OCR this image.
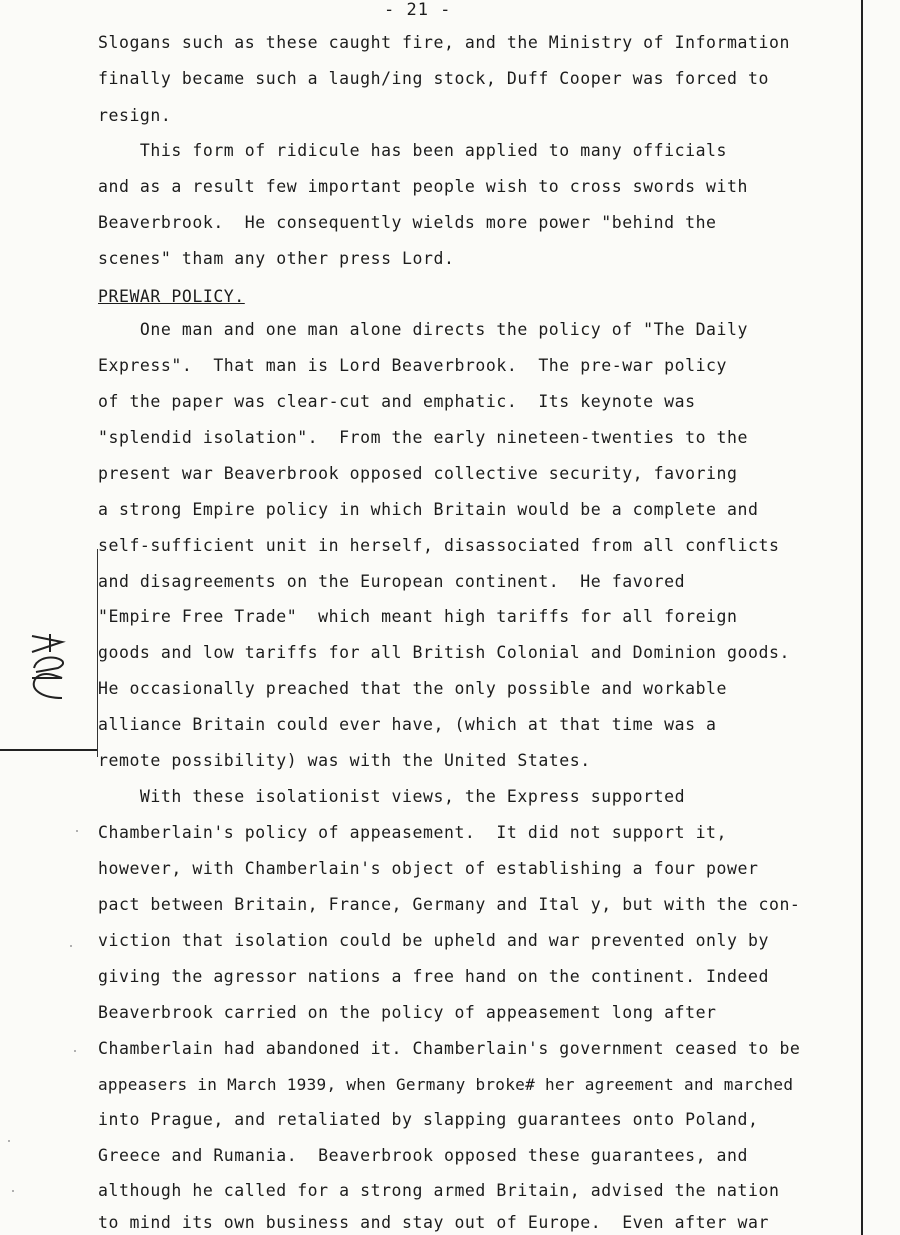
- 21 -
Slogans such as these caught fire, and the Ministry of Information
finally became such a laugh/ing stock, Duff Cooper was forced to
resign.
This form of ridicule has been applied to many officials
and as a result few important people wish to cross swords with
Beaverbrook.  He consequently wields more power "behind the
scenes" tham any other press Lord.
PREWAR POLICY.
One man and one man alone directs the policy of "The Daily
Express".  That man is Lord Beaverbrook.  The pre-war policy
of the paper was clear-cut and emphatic.  Its keynote was
"splendid isolation".  From the early nineteen-twenties to the
present war Beaverbrook opposed collective security, favoring
a strong Empire policy in which Britain would be a complete and
self-sufficient unit in herself, disassociated from all conflicts
and disagreements on the European continent.  He favored
"Empire Free Trade"  which meant high tariffs for all foreign
goods and low tariffs for all British Colonial and Dominion goods.
He occasionally preached that the only possible and workable
alliance Britain could ever have, (which at that time was a
remote possibility) was with the United States.
With these isolationist views, the Express supported
Chamberlain's policy of appeasement.  It did not support it,
however, with Chamberlain's object of establishing a four power
pact between Britain, France, Germany and Ital y, but with the con-
viction that isolation could be upheld and war prevented only by
giving the agressor nations a free hand on the continent. Indeed
Beaverbrook carried on the policy of appeasement long after
Chamberlain had abandoned it. Chamberlain's government ceased to be
appeasers in March 1939, when Germany broke# her agreement and marched
into Prague, and retaliated by slapping guarantees onto Poland,
Greece and Rumania.  Beaverbrook opposed these guarantees, and
although he called for a strong armed Britain, advised the nation
to mind its own business and stay out of Europe.  Even after war
